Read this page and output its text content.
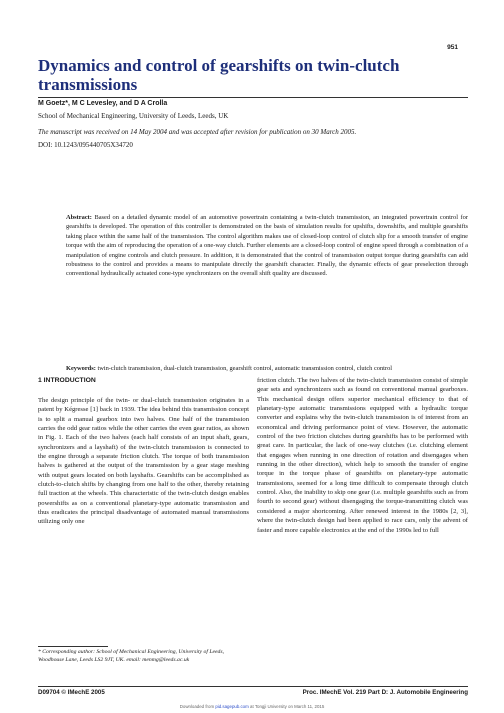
951
Dynamics and control of gearshifts on twin-clutch transmissions
M Goetz*, M C Levesley, and D A Crolla
School of Mechanical Engineering, University of Leeds, Leeds, UK
The manuscript was received on 14 May 2004 and was accepted after revision for publication on 30 March 2005.
DOI: 10.1243/095440705X34720
Abstract: Based on a detailed dynamic model of an automotive powertrain containing a twin-clutch transmission, an integrated powertrain control for gearshifts is developed. The operation of this controller is demonstrated on the basis of simulation results for upshifts, downshifts, and multiple gearshifts taking place within the same half of the transmission. The control algorithm makes use of closed-loop control of clutch slip for a smooth transfer of engine torque with the aim of reproducing the operation of a one-way clutch. Further elements are a closed-loop control of engine speed through a combination of a manipulation of engine controls and clutch pressure. In addition, it is demonstrated that the control of transmission output torque during gearshifts can add robustness to the control and provides a means to manipulate directly the gearshift character. Finally, the dynamic effects of gear preselection through conventional hydraulically actuated cone-type synchronizers on the overall shift quality are discussed.
Keywords: twin-clutch transmission, dual-clutch transmission, gearshift control, automatic transmission control, clutch control
1 INTRODUCTION
The design principle of the twin- or dual-clutch transmission originates in a patent by Kégresse [1] back in 1939. The idea behind this transmission concept is to split a manual gearbox into two halves. One half of the transmission carries the odd gear ratios while the other carries the even gear ratios, as shown in Fig. 1. Each of the two halves (each half consists of an input shaft, gears, synchronizers and a layshaft) of the twin-clutch transmission is connected to the engine through a separate friction clutch. The torque of both transmission halves is gathered at the output of the transmission by a gear stage meshing with output gears located on both layshafts. Gearshifts can be accomplished as clutch-to-clutch shifts by changing from one half to the other, thereby retaining full traction at the wheels. This characteristic of the twin-clutch design enables powershifts as on a conventional planetary-type automatic transmission and thus eradicates the principal disadvantage of automated manual transmissions utilizing only one
friction clutch. The two halves of the twin-clutch transmission consist of simple gear sets and synchronizers such as found on conventional manual gearboxes. This mechanical design offers superior mechanical efficiency to that of planetary-type automatic transmissions equipped with a hydraulic torque converter and explains why the twin-clutch transmission is of interest from an economical and driving performance point of view. However, the automatic control of the two friction clutches during gearshifts has to be performed with great care. In particular, the lack of one-way clutches (i.e. clutching element that engages when running in one direction of rotation and disengages when running in the other direction), which help to smooth the transfer of engine torque in the torque phase of gearshifts on planetary-type automatic transmissions, seemed for a long time difficult to compensate through clutch control. Also, the inability to skip one gear (i.e. multiple gearshifts such as from fourth to second gear) without disengaging the torque-transmitting clutch was considered a major shortcoming. After renewed interest in the 1980s [2, 3], where the twin-clutch design had been applied to race cars, only the advent of faster and more capable electronics at the end of the 1990s led to full
* Corresponding author: School of Mechanical Engineering, University of Leeds, Woodhouse Lane, Leeds LS2 9JT, UK. email: menmg@leeds.ac.uk
D09704 © IMechE 2005	Proc. IMechE Vol. 219 Part D: J. Automobile Engineering
Downloaded from pid.sagepub.com at Tongji University on March 11, 2015
